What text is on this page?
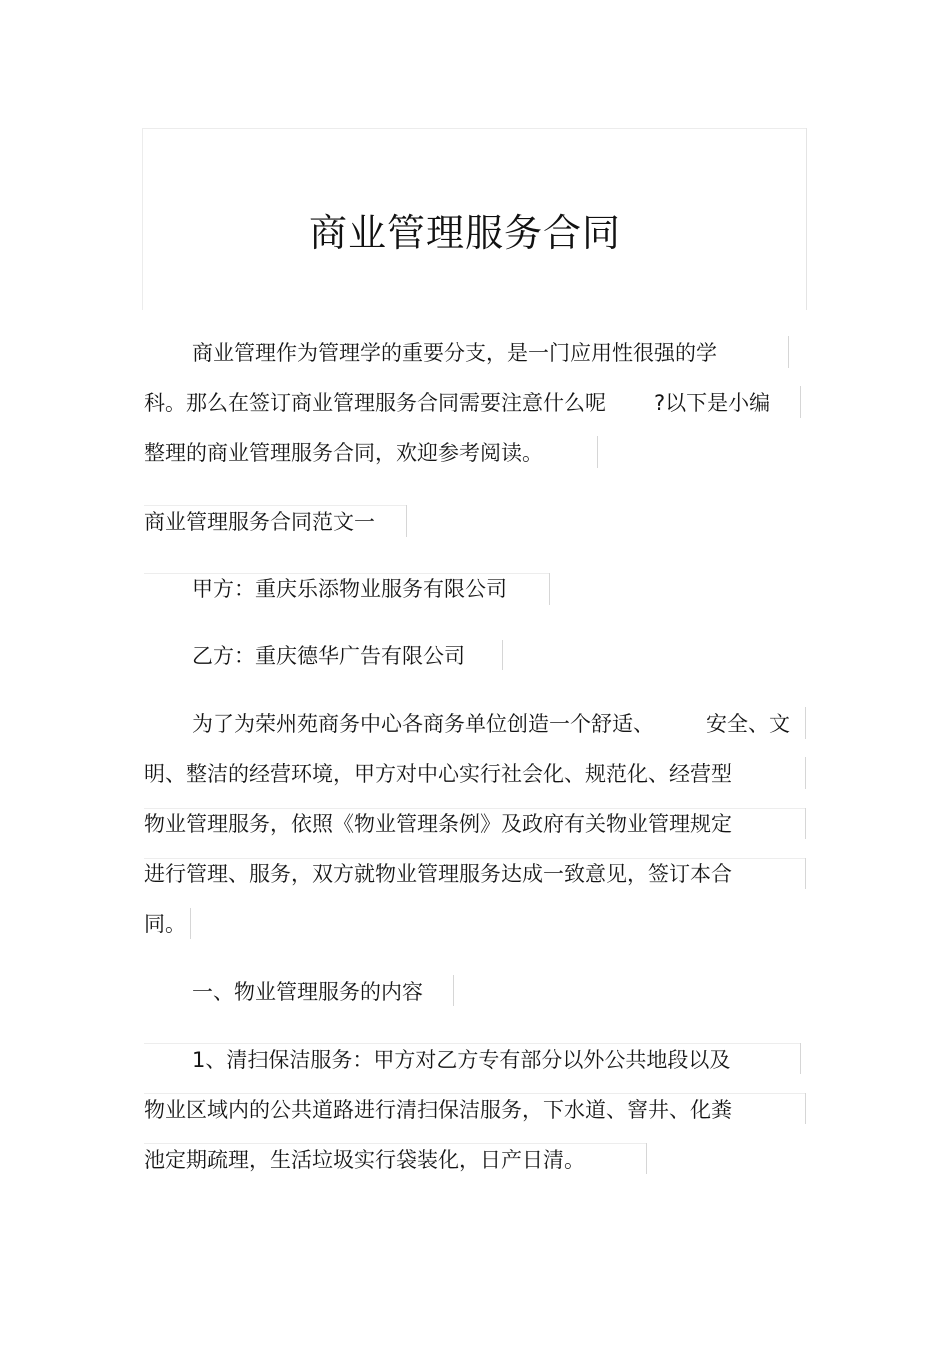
商业管理服务合同
商业管理作为管理学的重要分支，是一门应用性很强的学
科。那么在签订商业管理服务合同需要注意什么呢 ?以下是小编
整理的商业管理服务合同，欢迎参考阅读。
商业管理服务合同范文一
甲方：重庆乐添物业服务有限公司
乙方：重庆德华广告有限公司
为了为荣州苑商务中心各商务单位创造一个舒适、 安全、文
明、整洁的经营环境，甲方对中心实行社会化、规范化、经营型
物业管理服务，依照《物业管理条例》及政府有关物业管理规定
进行管理、服务，双方就物业管理服务达成一致意见，签订本合
同。
一、物业管理服务的内容
1、清扫保洁服务：甲方对乙方专有部分以外公共地段以及
物业区域内的公共道路进行清扫保洁服务，下水道、窨井、化粪
池定期疏理，生活垃圾实行袋装化，日产日清。
